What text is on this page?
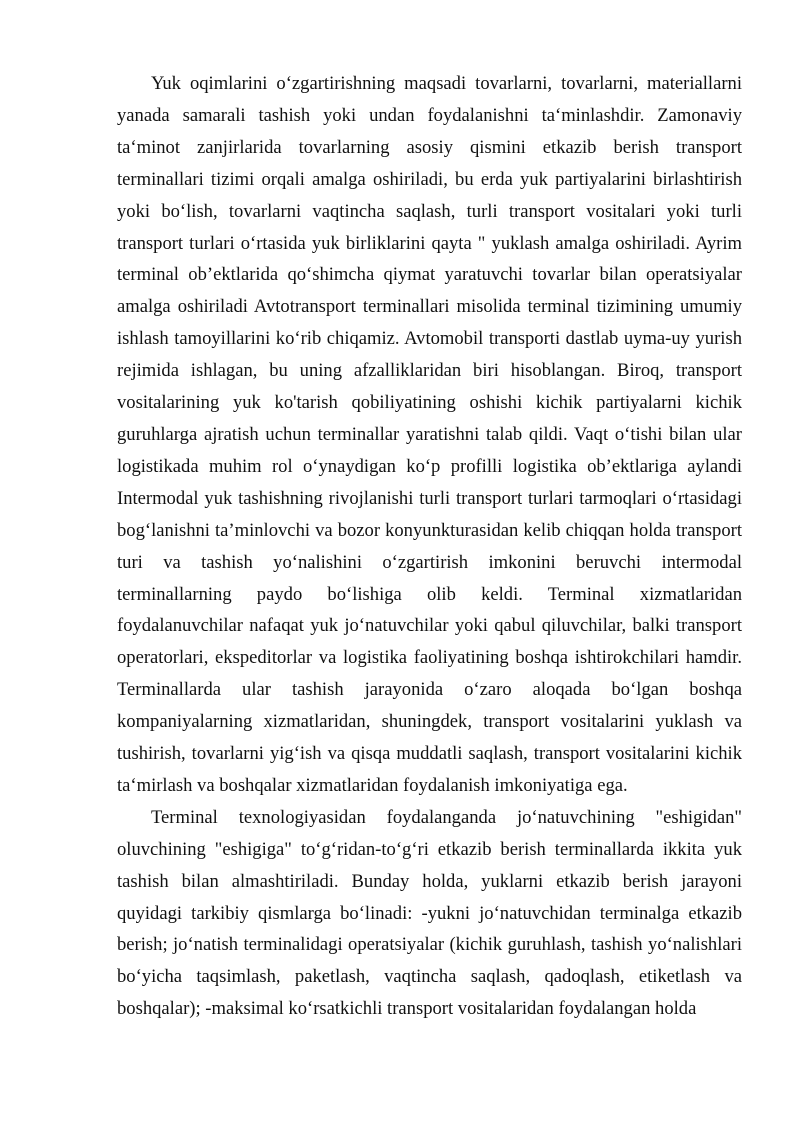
Yuk oqimlarini o‘zgartirishning maqsadi tovarlarni, tovarlarni, materiallarni yanada samarali tashish yoki undan foydalanishni ta‘minlashdir. Zamonaviy ta‘minot zanjirlarida tovarlarning asosiy qismini etkazib berish transport terminallari tizimi orqali amalga oshiriladi, bu erda yuk partiyalarini birlashtirish yoki bo‘lish, tovarlarni vaqtincha saqlash, turli transport vositalari yoki turli transport turlari o‘rtasida yuk birliklarini qayta " yuklash amalga oshiriladi. Ayrim terminal ob’ektlarida qo‘shimcha qiymat yaratuvchi tovarlar bilan operatsiyalar amalga oshiriladi Avtotransport terminallari misolida terminal tizimining umumiy ishlash tamoyillarini ko‘rib chiqamiz. Avtomobil transporti dastlab uyma-uy yurish rejimida ishlagan, bu uning afzalliklaridan biri hisoblangan. Biroq, transport vositalarining yuk ko'tarish qobiliyatining oshishi kichik partiyalarni kichik guruhlarga ajratish uchun terminallar yaratishni talab qildi. Vaqt o‘tishi bilan ular logistikada muhim rol o‘ynaydigan ko‘p profilli logistika ob’ektlariga aylandi Intermodal yuk tashishning rivojlanishi turli transport turlari tarmoqlari o‘rtasidagi bog‘lanishni ta’minlovchi va bozor konyunkturasidan kelib chiqqan holda transport turi va tashish yo‘nalishini o‘zgartirish imkonini beruvchi intermodal terminallarning paydo bo‘lishiga olib keldi. Terminal xizmatlaridan foydalanuvchilar nafaqat yuk jo‘natuvchilar yoki qabul qiluvchilar, balki transport operatorlari, ekspeditorlar va logistika faoliyatining boshqa ishtirokchilari hamdir. Terminallarda ular tashish jarayonida o‘zaro aloqada bo‘lgan boshqa kompaniyalarning xizmatlaridan, shuningdek, transport vositalarini yuklash va tushirish, tovarlarni yig‘ish va qisqa muddatli saqlash, transport vositalarini kichik ta‘mirlash va boshqalar xizmatlaridan foydalanish imkoniyatiga ega.

Terminal texnologiyasidan foydalanganda jo‘natuvchining "eshigidan" oluvchining "eshigiga" to‘g‘ridan-to‘g‘ri etkazib berish terminallarda ikkita yuk tashish bilan almashtiriladi. Bunday holda, yuklarni etkazib berish jarayoni quyidagi tarkibiy qismlarga bo‘linadi: -yukni jo‘natuvchidan terminalga etkazib berish; jo‘natish terminalidagi operatsiyalar (kichik guruhlash, tashish yo‘nalishlari bo‘yicha taqsimlash, paketlash, vaqtincha saqlash, qadoqlash, etiketlash va boshqalar); -maksimal ko‘rsatkichli transport vositalaridan foydalangan holda
